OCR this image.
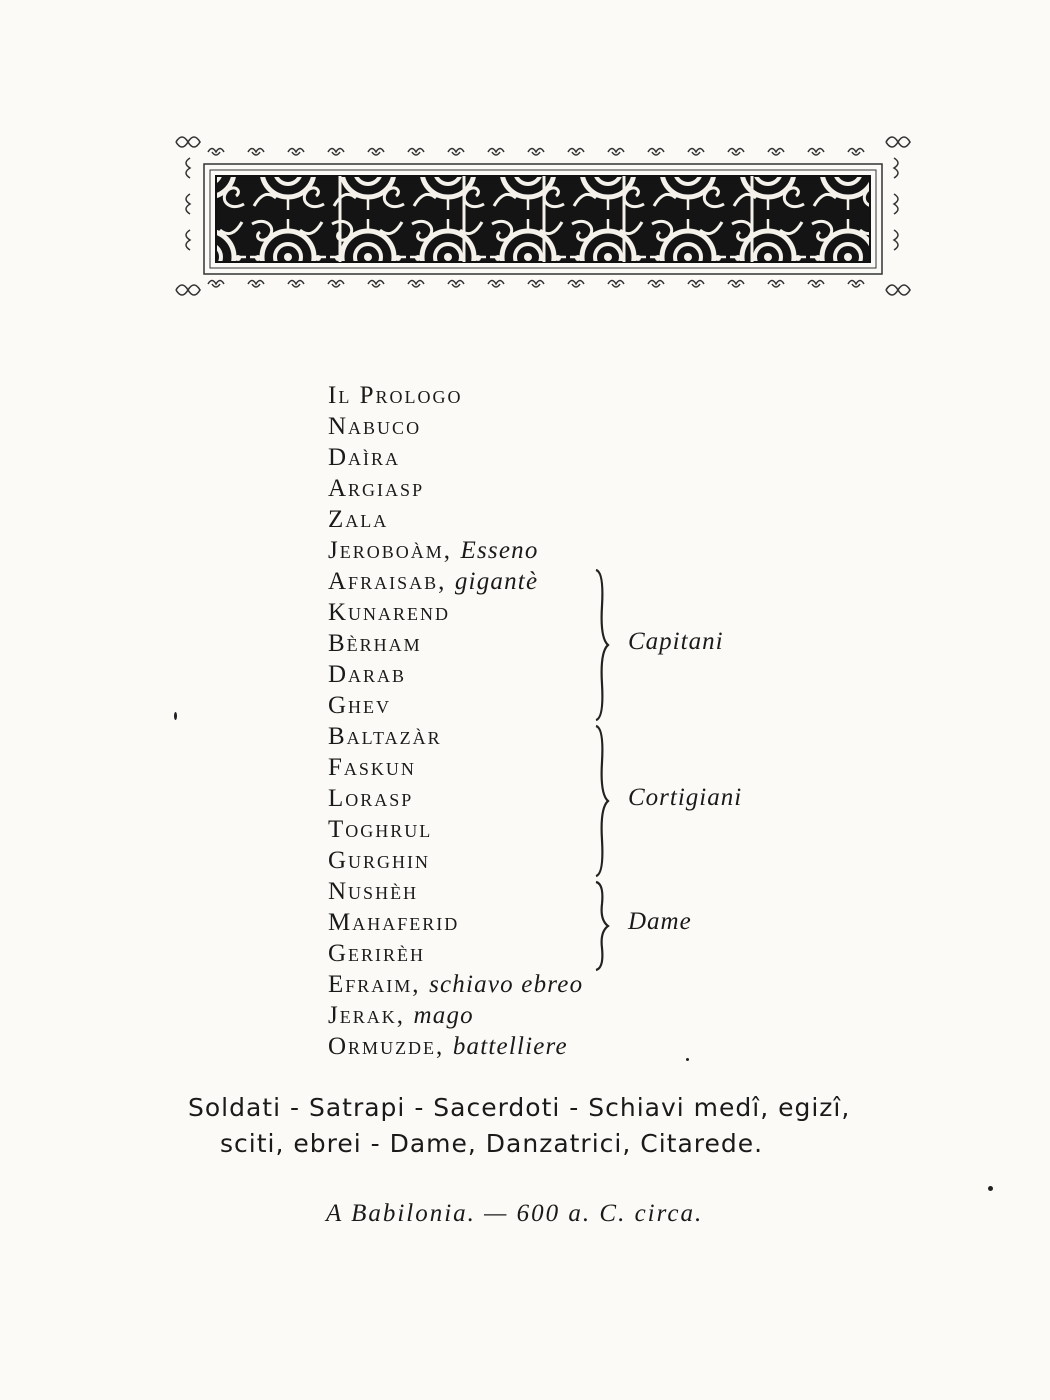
Il Prologo
Nabuco
Daìra
Argiasp
Zala
Jeroboàm, Esseno
Afraisab, gigantè
Kunarend
Bèrham
Darab
Ghev
Baltazàr
Faskun
Lorasp
Toghrul
Gurghin
Nushèh
Mahaferid
Gerirèh
Efraim, schiavo ebreo
Jerak, mago
Ormuzde, battelliere
Capitani
Cortigiani
Dame
Soldati - Satrapi - Sacerdoti - Schiavi medî, egizî,
sciti, ebrei - Dame, Danzatrici, Citarede.
A Babilonia. — 600 a. C. circa.
